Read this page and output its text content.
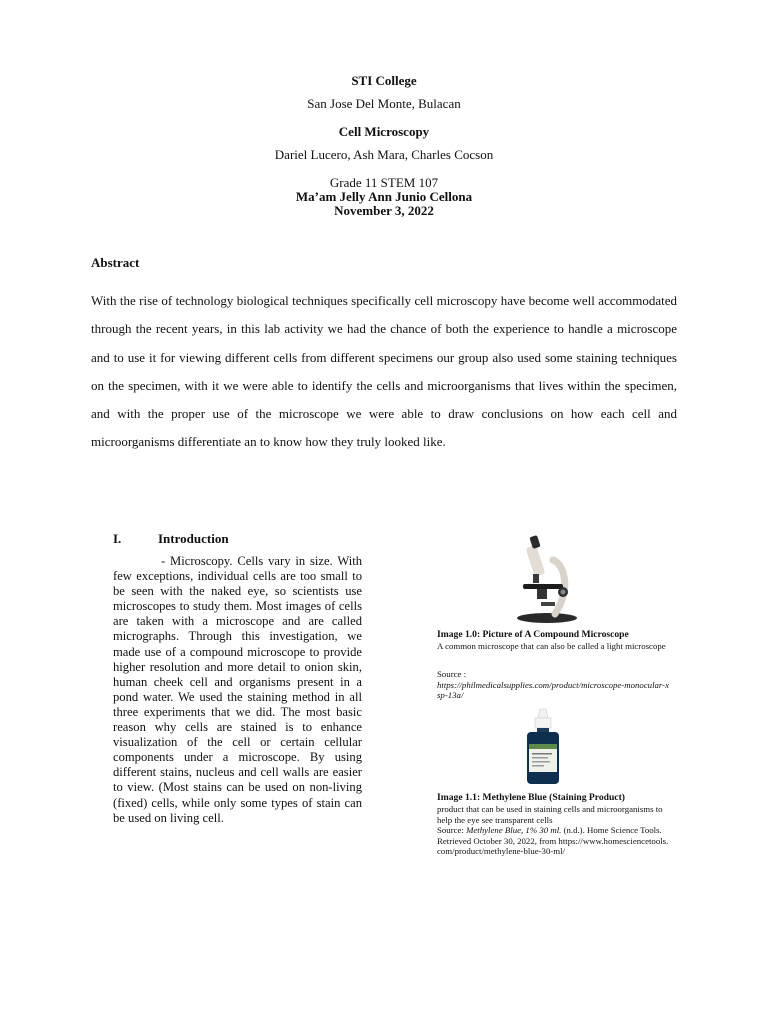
STI College
San Jose Del Monte, Bulacan
Cell Microscopy
Dariel Lucero, Ash Mara, Charles Cocson
Grade 11 STEM 107
Ma’am Jelly Ann Junio Cellona
November 3, 2022
Abstract

With the rise of technology biological techniques specifically cell microscopy have become well accommodated through the recent years, in this lab activity we had the chance of both the experience to handle a microscope and to use it for viewing different cells from different specimens our group also used some staining techniques on the specimen, with it we were able to identify the cells and microorganisms that lives within the specimen, and with the proper use of the microscope we were able to draw conclusions on how each cell and microorganisms differentiate an to know how they truly looked like.

I.	Introduction

- Microscopy. Cells vary in size. With few exceptions, individual cells are too small to be seen with the naked eye, so scientists use microscopes to study them. Most images of cells are taken with a microscope and are called micrographs. Through this investigation, we made use of a compound microscope to provide higher resolution and more detail to onion skin, human cheek cell and organisms present in a pond water. We used the staining method in all three experiments that we did. The most basic reason why cells are stained is to enhance visualization of the cell or certain cellular components under a microscope. By using different stains, nucleus and cell walls are easier to view. (Most stains can be used on non-living (fixed) cells, while only some types of stain can be used on living cell.

Image 1.0: Picture of A Compound Microscope

A common microscope that can also be called a light microscope

Source :
https://philmedicalsupplies.com/product/microscope-monocular-xsp-13a/

Image 1.1: Methylene Blue (Staining Product)

product that can be used in staining cells and microorganisms to help the eye see transparent cells

Source: Methylene Blue, 1% 30 ml. (n.d.). Home Science Tools. Retrieved October 30, 2022, from https://www.homesciencetools.com/product/methylene-blue-30-ml/
